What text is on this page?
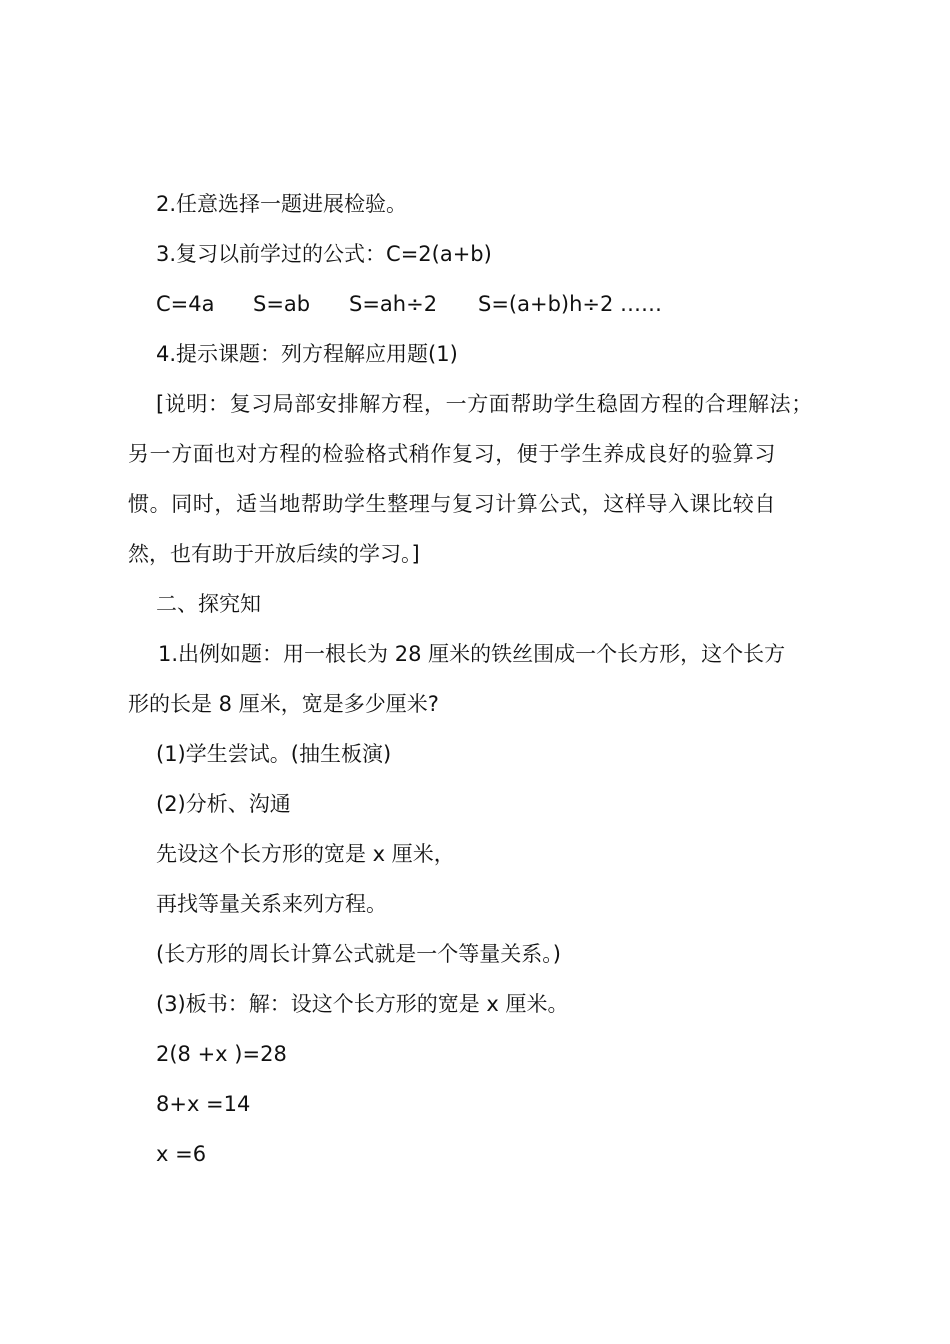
2.任意选择一题进展检验。
3.复习以前学过的公式：C=2(a+b)
C=4a S=ab S=ah÷2 S=(a+b)h÷2 ……
4.提示课题：列方程解应用题(1)
[说明：复习局部安排解方程，一方面帮助学生稳固方程的合理解法；
另一方面也对方程的检验格式稍作复习，便于学生养成良好的验算习
惯。同时，适当地帮助学生整理与复习计算公式，这样导入课比较自
然，也有助于开放后续的学习。]
二、探究知
1.出例如题：用一根长为 28 厘米的铁丝围成一个长方形，这个长方
形的长是 8 厘米，宽是多少厘米?
(1)学生尝试。(抽生板演)
(2)分析、沟通
先设这个长方形的宽是 x 厘米，
再找等量关系来列方程。
(长方形的周长计算公式就是一个等量关系。)
(3)板书：解：设这个长方形的宽是 x 厘米。
2(8 +x )=28
8+x =14
x =6
